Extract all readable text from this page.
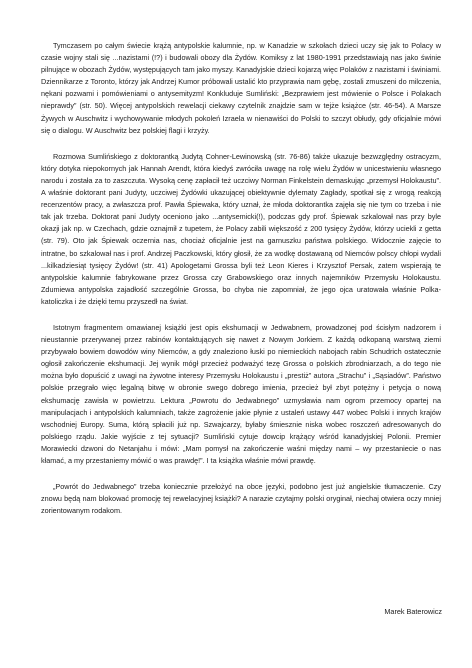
Tymczasem po całym świecie krążą antypolskie kalumnie, np. w Kanadzie w szkołach dzieci uczy się jak to Polacy w czasie wojny stali się ...nazistami (!?) i budowali obozy dla Żydów. Komiksy z lat 1980-1991 przedstawiają nas jako świnie pilnujące w obozach Żydów, występujących tam jako myszy. Kanadyjskie dzieci kojarzą więc Polaków z nazistami i świniami. Dziennikarze z Toronto, którzy jak Andrzej Kumor próbowali ustalić kto przyprawia nam gębę, zostali zmuszeni do milczenia, nękani pozwami i pomówieniami o antysemityzm! Konkluduje Sumliński: „Bezprawiem jest mówienie o Polsce i Polakach nieprawdy” (str. 50). Więcej antypolskich rewelacji ciekawy czytelnik znajdzie sam w tejże książce (str. 46-54). A Marsze Żywych w Auschwitz i wychowywanie młodych pokoleń Izraela w nienawiści do Polski to szczyt obłudy, gdy oficjalnie mówi się o dialogu. W Auschwitz bez polskiej flagi i krzyży.

Rozmowa Sumlińskiego z doktorantką Judytą Cohner-Lewinowską (str. 76-86) także ukazuje bezwzględny ostracyzm, który dotyka niepokornych jak Hannah Arendt, która kiedyś zwróciła uwagę na rolę wielu Żydów w unicestwieniu własnego narodu i została za to zaszczuta. Wysoką cenę zapłacił też uczciwy Norman Finkelstein demaskując „przemysł Holokaustu”. A właśnie doktorant pani Judyty, uczciwej Żydówki ukazującej obiektywnie dylematy Zagłady, spotkał się z wrogą reakcją recenzentów pracy, a zwłaszcza prof. Pawła Śpiewaka, który uznał, że młoda doktorantka zajęła się nie tym co trzeba i nie tak jak trzeba. Doktorat pani Judyty oceniono jako ...antysemicki(!), podczas gdy prof. Śpiewak szkalował nas przy byle okazji jak np. w Czechach, gdzie oznajmił z tupetem, że Polacy zabili większość z 200 tysięcy Żydów, którzy uciekli z getta (str. 79). Oto jak Śpiewak oczernia nas, chociaż oficjalnie jest na garnuszku państwa polskiego. Widocznie zajęcie to intratne, bo szkalował nas i prof. Andrzej Paczkowski, który głosił, że za wodkę dostawaną od Niemców polscy chłopi wydali ...kilkadziesiąt tysięcy Żydów! (str. 41) Apologetami Grossa byli też Leon Kieres i Krzysztof Persak, zatem wspierają te antypolskie kalumnie fabrykowane przez Grossa czy Grabowskiego oraz innych najemników Przemysłu Holokaustu. Zdumiewa antypolska zajadłość szczególnie Grossa, bo chyba nie zapomniał, że jego ojca uratowała właśnie Polka-katoliczka i że dzięki temu przyszedł na świat.

Istotnym fragmentem omawianej książki jest opis ekshumacji w Jedwabnem, prowadzonej pod ścisłym nadzorem i nieustannie przerywanej przez rabinów kontaktujących się nawet z Nowym Jorkiem. Z każdą odkopaną warstwą ziemi przybywało bowiem dowodów winy Niemców, a gdy znaleziono łuski po niemieckich nabojach rabin Schudrich ostatecznie ogłosił zakończenie ekshumacji. Jej wynik mógł przecież podważyć tezę Grossa o polskich zbrodniarzach, a do tego nie można było dopuścić z uwagi na żywotne interesy Przemysłu Holokaustu i „prestiż” autora „Strachu” i „Sąsiadów”. Państwo polskie przegrało więc legalną bitwę w obronie swego dobrego imienia, przecież był zbyt potężny i petycja o nową ekshumację zawisła w powietrzu. Lektura „Powrotu do Jedwabnego” uzmysławia nam ogrom przemocy opartej na manipulacjach i antypolskich kalumniach, także zagrożenie jakie płynie z ustaleń ustawy 447 wobec Polski i innych krajów wschodniej Europy. Suma, którą spłacili już np. Szwajcarzy, byłaby śmiesznie niska wobec roszczeń adresowanych do polskiego rządu. Jakie wyjście z tej sytuacji? Sumliński cytuje dowcip krążący wśród kanadyjskiej Polonii. Premier Morawiecki dzwoni do Netanjahu i mówi: „Mam pomysł na zakończenie waśni między nami – wy przestaniecie o nas kłamać, a my przestaniemy mówić o was prawdę!”. I ta książka właśnie mówi prawdę.

„Powrót do Jedwabnego” trzeba koniecznie przełożyć na obce języki, podobno jest już angielskie tłumaczenie. Czy znowu będą nam blokować promocję tej rewelacyjnej książki? A narazie czytajmy polski oryginał, niechaj otwiera oczy mniej zorientowanym rodakom.

Marek Baterowicz
